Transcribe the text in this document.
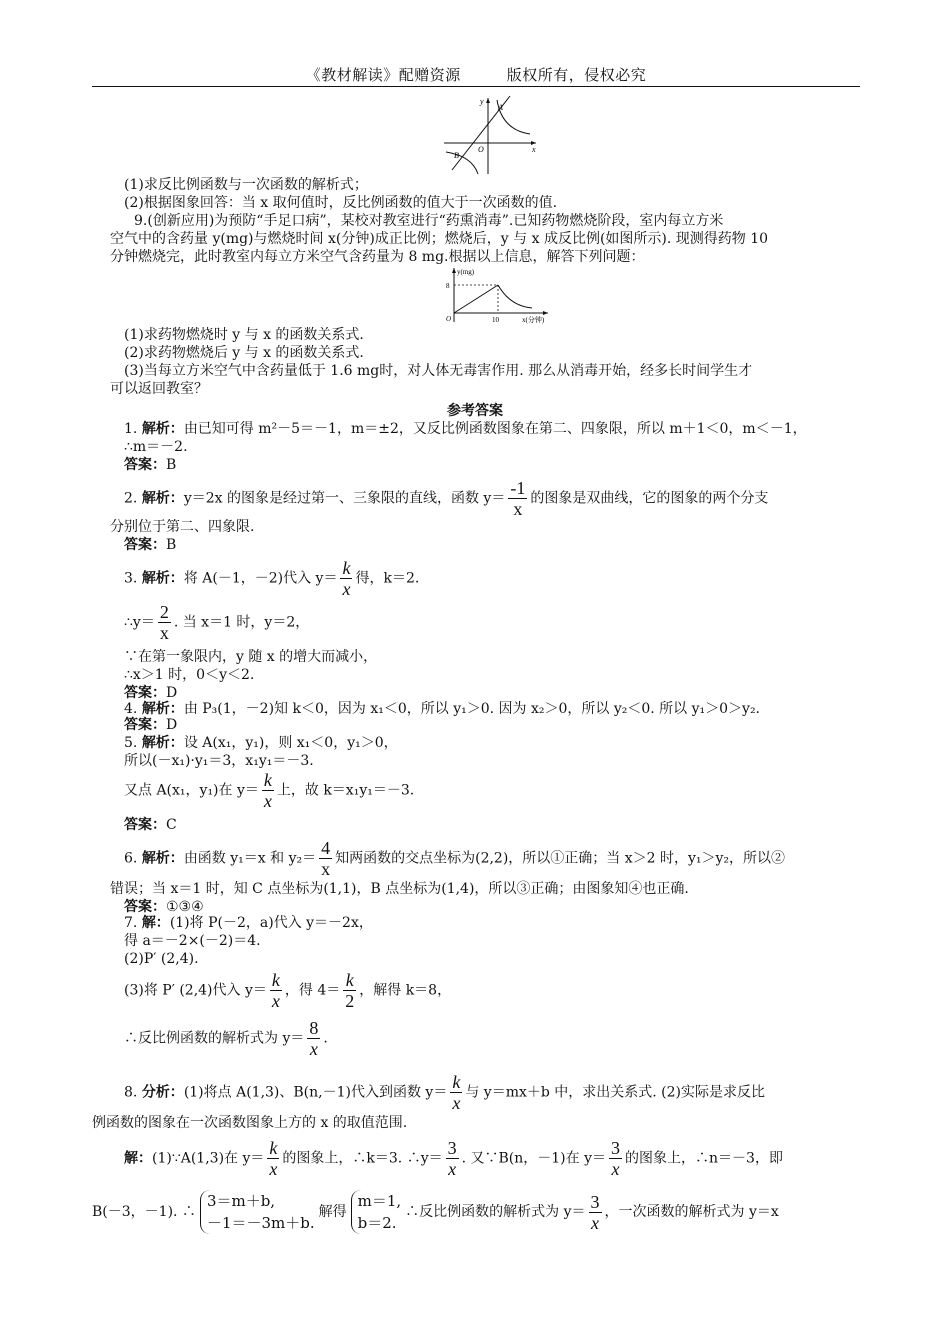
《教材解读》配赠资源	版权所有，侵权必究
y
x
O
A
B
(1)求反比例函数与一次函数的解析式；
(2)根据图象回答：当 x 取何值时，反比例函数的值大于一次函数的值.
9.(创新应用)为预防“手足口病”，某校对教室进行“药熏消毒”.已知药物燃烧阶段，室内每立方米
空气中的含药量 y(mg)与燃烧时间 x(分钟)成正比例；燃烧后，y 与 x 成反比例(如图所示). 现测得药物 10
分钟燃烧完，此时教室内每立方米空气含药量为 8 mg.根据以上信息，解答下列问题：
y(mg)
x(分钟)
O
8
10
(1)求药物燃烧时 y 与 x 的函数关系式.
(2)求药物燃烧后 y 与 x 的函数关系式.
(3)当每立方米空气中含药量低于 1.6 mg时，对人体无毒害作用. 那么从消毒开始，经多长时间学生才
可以返回教室？
参考答案
1. 解析：由已知可得 m²－5＝－1，m＝±2，又反比例函数图象在第二、四象限，所以 m＋1＜0，m＜－1，
∴m＝－2.
答案：B
2. 解析：y＝2x 的图象是经过第一、三象限的直线，函数 $y= \frac{-1}{x}$ 的图象是双曲线，它的图象的两个分支
分别位于第二、四象限.
答案：B
3. 解析：将 A(－1，－2)代入 $y= \frac{k}{x}$ 得，k＝2.
∴y＝ $\frac{2}{x}$ . 当 x＝1 时，y＝2，
∵在第一象限内，y 随 x 的增大而减小，
∴x＞1 时，0＜y＜2.
答案：D
4. 解析：由 P₃(1，－2)知 k＜0，因为 x₁＜0，所以 y₁＞0. 因为 x₂＞0，所以 y₂＜0. 所以 y₁＞0＞y₂.
答案：D
5. 解析：设 A(x₁，y₁)，则 x₁＜0，y₁＞0，
所以(－x₁)·y₁＝3，x₁y₁＝－3.
又点 A(x₁，y₁)在 $y= \frac{k}{x}$ 上，故 k＝x₁y₁＝－3.
答案：C
6. 解析：由函数 y₁＝x 和 $y_2= \frac{4}{x}$ 知两函数的交点坐标为(2,2)，所以①正确；当 x＞2 时，y₁＞y₂，所以②
错误；当 x＝1 时，知 C 点坐标为(1,1)，B 点坐标为(1,4)，所以③正确；由图象知④也正确.
答案：①③④
7. 解：(1)将 P(－2，a)代入 y＝－2x，
得 a＝－2×(－2)＝4.
(2)P′ (2,4).
(3)将 P′ (2,4)代入 $y= \frac{k}{x}$ ，得 $4= \frac{k}{2}$ ，解得 k＝8，
∴反比例函数的解析式为 $y= \frac{8}{x}$ .
8. 分析：(1)将点 A(1,3)、B(n,－1)代入到函数 $y= \frac{k}{x}$ 与 y＝mx＋b 中，求出关系式. (2)实际是求反比
例函数的图象在一次函数图象上方的 x 的取值范围.
解：(1)∵A(1,3)在 $y= \frac{k}{x}$ 的图象上，∴k＝3. ∴y＝ $\frac{3}{x}$ . 又∵B(n，－1)在 $y= \frac{3}{x}$ 的图象上，∴n＝－3，即
B(－3，－1). ∴
3＝m＋b,
－1＝－3m＋b.
解得
m＝1,
b＝2.
∴反比例函数的解析式为 $y= \frac{3}{x}$ ，一次函数的解析式为 y＝x
